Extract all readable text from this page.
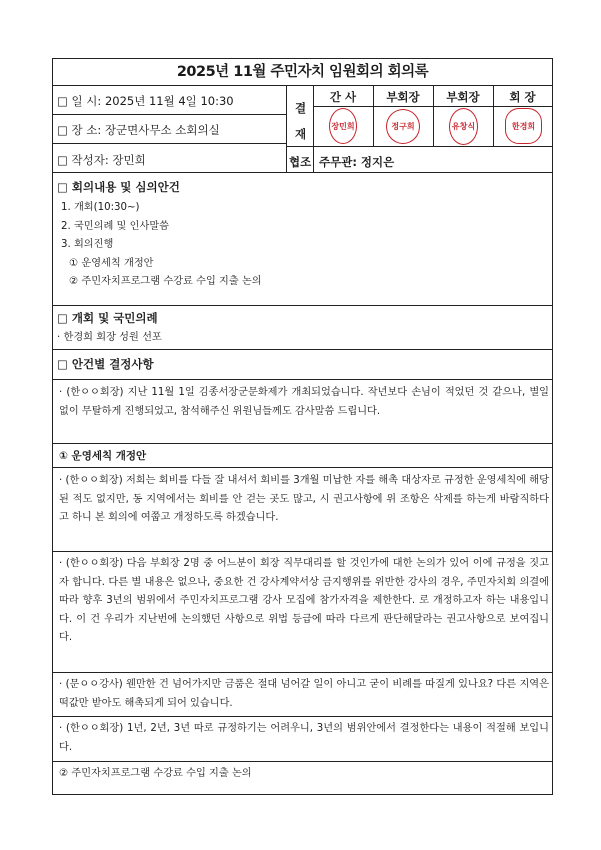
2025년 11월 주민자치 임원회의 회의록
□ 일 시: 2025년 11월 4일 10:30
□ 장 소: 장군면사무소 소회의실
□ 작성자: 장민희
결
재
간 사	부회장	부회장	회 장
장민희	정구희	유창식	한경희
협조 주무관: 정지은
□ 회의내용 및 심의안건
1. 개회(10:30~)
2. 국민의례 및 인사말씀
3. 회의진행
① 운영세칙 개정안
② 주민자치프로그램 수강료 수입 지출 논의
□ 개회 및 국민의례
· 한경희 회장 성원 선포
□ 안건별 결정사항
· (한ㅇㅇ회장) 지난 11월 1일 김종서장군문화제가 개최되었습니다. 작년보다 손님이 적었던 것 같으나, 별일 없이 무탈하게 진행되었고, 참석해주신 위원님들께도 감사말씀 드립니다.
① 운영세칙 개정안
· (한ㅇㅇ회장) 저희는 회비를 다들 잘 내셔서 회비를 3개월 미납한 자를 해촉 대상자로 규정한 운영세칙에 해당된 적도 없지만, 동 지역에서는 회비를 안 걷는 곳도 많고, 시 권고사항에 위 조항은 삭제를 하는게 바람직하다고 하니 본 회의에 여쭙고 개정하도록 하겠습니다.
· (한ㅇㅇ회장) 다음 부회장 2명 중 어느분이 회장 직무대리를 할 것인가에 대한 논의가 있어 이에 규정을 짓고자 합니다. 다른 별 내용은 없으나, 중요한 건 강사계약서상 금지행위를 위반한 강사의 경우, 주민자치회 의결에 따라 향후 3년의 범위에서 주민자치프로그램 강사 모집에 참가자격을 제한한다. 로 개정하고자 하는 내용입니다. 이 건 우리가 지난번에 논의했던 사항으로 위법 등급에 따라 다르게 판단해달라는 권고사항으로 보여집니다.
· (문ㅇㅇ강사) 웬만한 건 넘어가지만 금품은 절대 넘어갈 일이 아니고 굳이 비례를 따질게 있나요? 다른 지역은 떡값만 받아도 해촉되게 되어 있습니다.
· (한ㅇㅇ회장) 1년, 2년, 3년 따로 규정하기는 어려우니, 3년의 범위안에서 결정한다는 내용이 적절해 보입니다.
② 주민자치프로그램 수강료 수입 지출 논의
